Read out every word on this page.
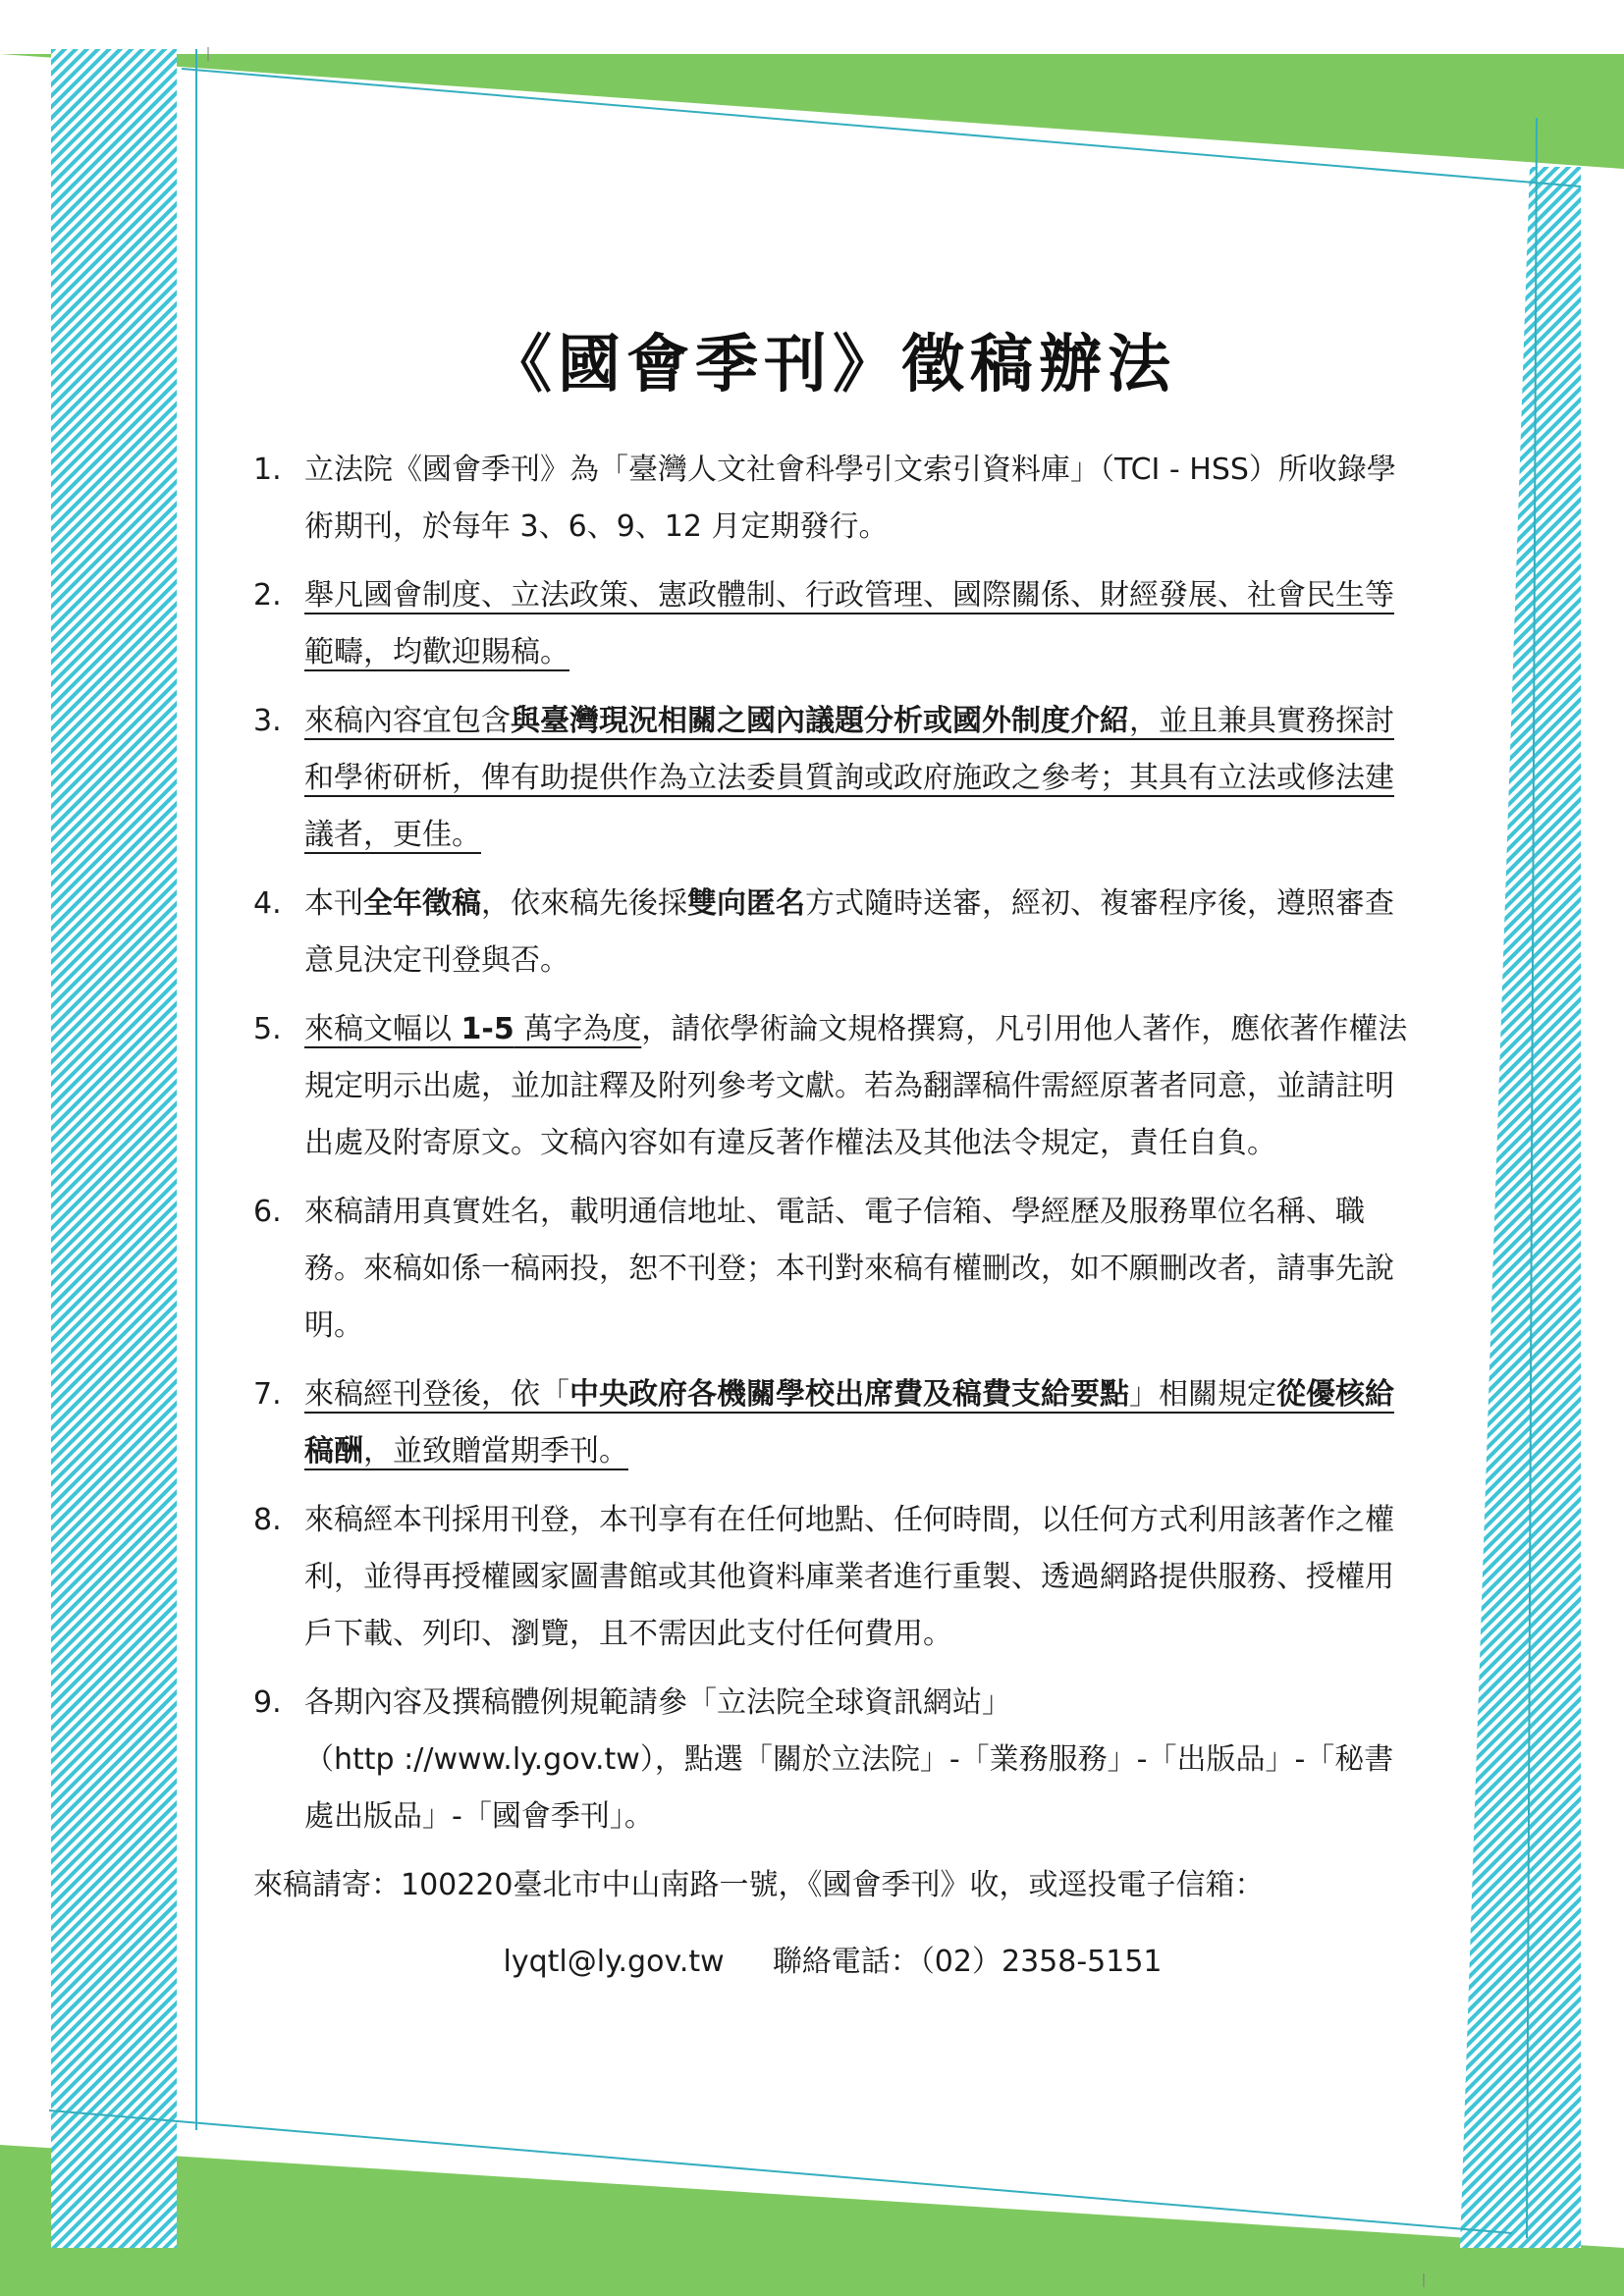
《國會季刊》徵稿辦法
1. 立法院《國會季刊》為「臺灣人文社會科學引文索引資料庫」（TCI - HSS）所收錄學術期刊，於每年 3、6、9、12 月定期發行。
2. 舉凡國會制度、立法政策、憲政體制、行政管理、國際關係、財經發展、社會民生等範疇，均歡迎賜稿。
3. 來稿內容宜包含與臺灣現況相關之國內議題分析或國外制度介紹，並且兼具實務探討和學術研析，俾有助提供作為立法委員質詢或政府施政之參考；其具有立法或修法建議者，更佳。
4. 本刊全年徵稿，依來稿先後採雙向匿名方式隨時送審，經初、複審程序後，遵照審查意見決定刊登與否。
5. 來稿文幅以 1-5 萬字為度，請依學術論文規格撰寫，凡引用他人著作，應依著作權法規定明示出處，並加註釋及附列參考文獻。若為翻譯稿件需經原著者同意，並請註明出處及附寄原文。文稿內容如有違反著作權法及其他法令規定，責任自負。
6. 來稿請用真實姓名，載明通信地址、電話、電子信箱、學經歷及服務單位名稱、職務。來稿如係一稿兩投，恕不刊登；本刊對來稿有權刪改，如不願刪改者，請事先說明。
7. 來稿經刊登後，依「中央政府各機關學校出席費及稿費支給要點」相關規定從優核給稿酬，並致贈當期季刊。
8. 來稿經本刊採用刊登，本刊享有在任何地點、任何時間，以任何方式利用該著作之權利，並得再授權國家圖書館或其他資料庫業者進行重製、透過網路提供服務、授權用戶下載、列印、瀏覽，且不需因此支付任何費用。
9. 各期內容及撰稿體例規範請參「立法院全球資訊網站」
（http ://www.ly.gov.tw），點選「關於立法院」-「業務服務」-「出版品」-「秘書處出版品」-「國會季刊」。
來稿請寄：100220臺北市中山南路一號，《國會季刊》收，或逕投電子信箱：
lyqtl@ly.gov.tw 聯絡電話：（02）2358-5151
